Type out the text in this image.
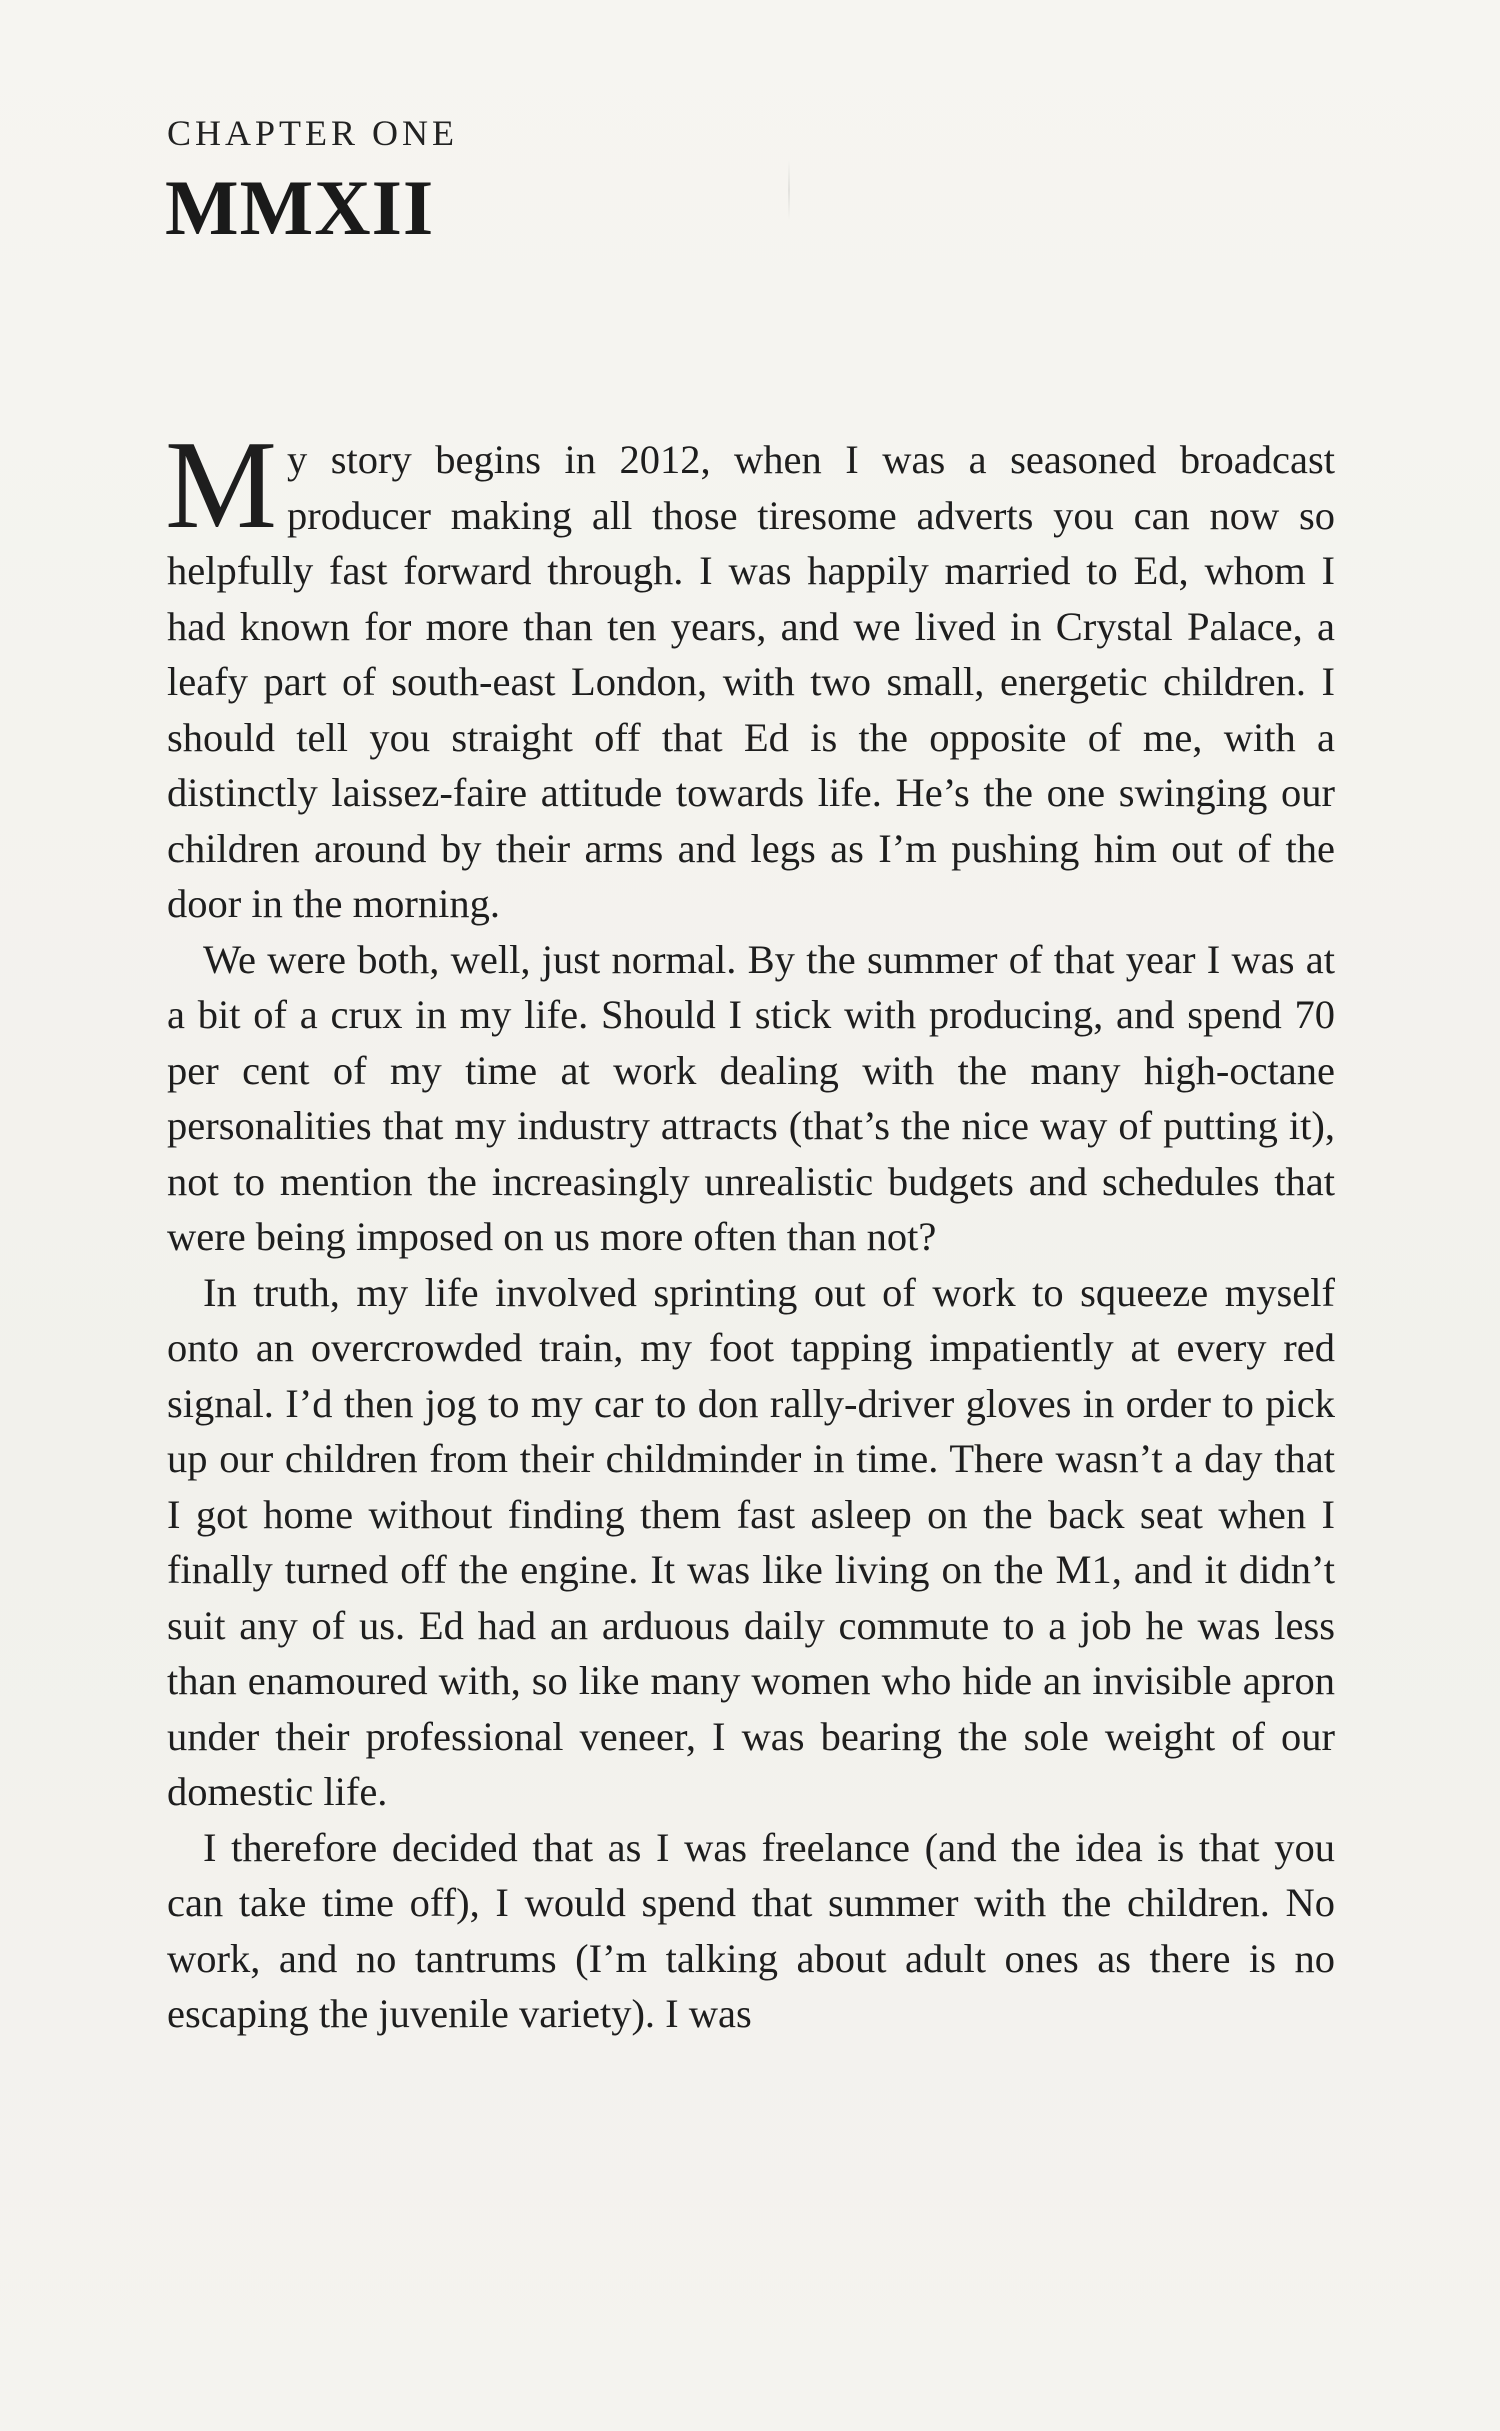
CHAPTER ONE
MMXII

My story begins in 2012, when I was a seasoned broadcast producer making all those tiresome adverts you can now so helpfully fast forward through. I was happily married to Ed, whom I had known for more than ten years, and we lived in Crystal Palace, a leafy part of south-east London, with two small, energetic children. I should tell you straight off that Ed is the opposite of me, with a distinctly laissez-faire attitude towards life. He’s the one swinging our children around by their arms and legs as I’m pushing him out of the door in the morning.

We were both, well, just normal. By the summer of that year I was at a bit of a crux in my life. Should I stick with producing, and spend 70 per cent of my time at work dealing with the many high-octane personalities that my industry attracts (that’s the nice way of putting it), not to mention the increasingly unrealistic budgets and schedules that were being imposed on us more often than not?

In truth, my life involved sprinting out of work to squeeze myself onto an overcrowded train, my foot tapping impatiently at every red signal. I’d then jog to my car to don rally-driver gloves in order to pick up our children from their childminder in time. There wasn’t a day that I got home without finding them fast asleep on the back seat when I finally turned off the engine. It was like living on the M1, and it didn’t suit any of us. Ed had an arduous daily commute to a job he was less than enamoured with, so like many women who hide an invisible apron under their professional veneer, I was bearing the sole weight of our domestic life.

I therefore decided that as I was freelance (and the idea is that you can take time off), I would spend that summer with the children. No work, and no tantrums (I’m talking about adult ones as there is no escaping the juvenile variety). I was
